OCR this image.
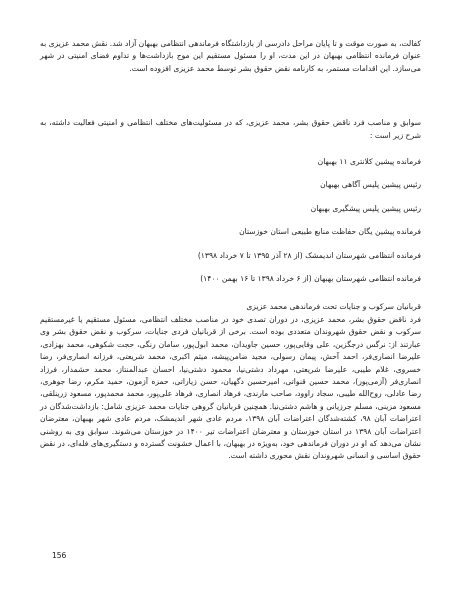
کفالت، به صورت موقت و تا پایان مراحل دادرسی از بازداشتگاه فرماندهی انتظامی بهبهان آزاد شد. نقش محمد عزیزی به عنوان فرمانده انتظامی بهبهان در این مدت، او را مسئول مستقیم این موج بازداشت‌ها و تداوم فضای امنیتی در شهر می‌سازد. این اقدامات مستمر، به کارنامه نقض حقوق بشر توسط محمد عزیزی افزوده است.

سوابق و مناصب فرد ناقض حقوق بشر، محمد عزیزی، که در مسئولیت‌های مختلف انتظامی و امنیتی فعالیت داشته، به شرح زیر است :

فرمانده پیشین کلانتری ۱۱ بهبهان

رئیس پیشین پلیس آگاهی بهبهان

رئیس پیشین پلیس پیشگیری بهبهان

فرمانده پیشین یگان حفاظت منابع طبیعی استان خوزستان

فرمانده انتظامی شهرستان اندیمشک (از ۲۸ آذر ۱۳۹۵ تا ۷ خرداد ۱۳۹۸)

فرمانده انتظامی شهرستان بهبهان (از ۶ خرداد ۱۳۹۸ تا ۱۶ بهمن ۱۴۰۰)

قربانیان سرکوب و جنایات تحت فرماندهی محمد عزیزی

فرد ناقض حقوق بشر، محمد عزیزی، در دوران تصدی خود در مناصب مختلف انتظامی، مسئول مستقیم یا غیرمستقیم سرکوب و نقض حقوق شهروندان متعددی بوده است. برخی از قربانیان فردی جنایات، سرکوب و نقض حقوق بشر وی عبارتند از: نرگس درجگزین، علی وفایی‌پور، حسین جاویدان، محمد ابول‌پور، سامان رنگی، حجت شکوهی، محمد بهزادی، علیرضا انصاری‌فر، احمد آحش، پیمان رسولی، مجید ضامن‌پیشه، میثم اکبری، محمد شریعتی، فرزانه انصاری‌فر، رضا خسروی، غلام طیبی، علیرضا شریعتی، مهرداد دشتی‌نیا، محمود دشتی‌نیا، احسان عبدالمنتاز، محمد حشمدار، فرزاد انصاری‌فر (آزمی‌پور)، محمد حسین قنواتی، امیرحسین دگهیان، حسن زیاراتی، حمزه آزمون، حمید مکرم، رضا جوهری، رضا عادلی، روح‌الله طیبی، سجاد راوود، صاحب مارندی، فرهاد انصاری، فرهاد علی‌پور، محمد محمدپور، مسعود زرینلقی، مسعود مزینی، مسلم جرزیانی و هاشم دشتی‌نیا. همچنین قربانیان گروهی جنایات محمد عزیزی شامل: بازداشت‌شدگان در اعتراضات آبان ۹۸، کشته‌شدگان اعتراضات آبان ۱۳۹۸، مردم عادی شهر اندیمشک، مردم عادی شهر بهبهان، معترضان اعتراضات آبان ۱۳۹۸ در استان خوزستان و معترضان اعتراضات تیر ۱۴۰۰ در خوزستان می‌شوند. سوابق وی به روشنی نشان می‌دهد که او در دوران فرماندهی خود، به‌ویژه در بهبهان، با اعمال خشونت گسترده و دستگیری‌های فله‌ای، در نقض حقوق اساسی و انسانی شهروندان نقش محوری داشته است.

156
